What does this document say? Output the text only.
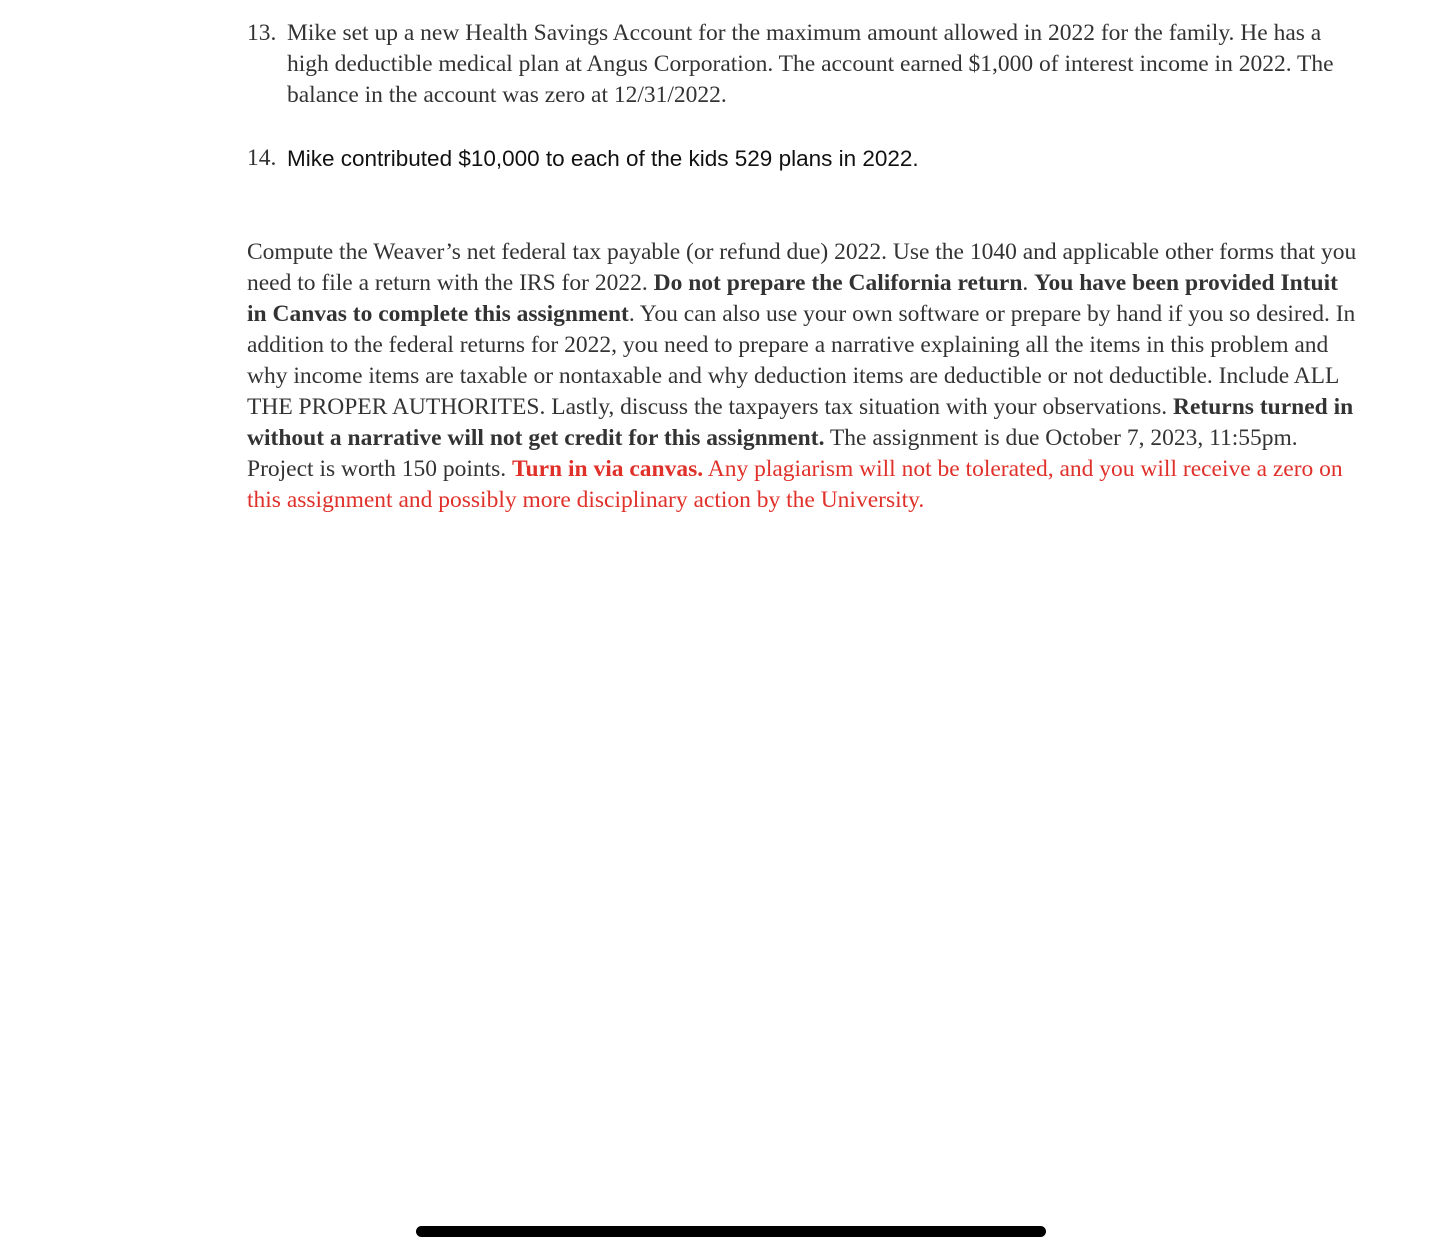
13. Mike set up a new Health Savings Account for the maximum amount allowed in 2022 for the family. He has a high deductible medical plan at Angus Corporation. The account earned $1,000 of interest income in 2022. The balance in the account was zero at 12/31/2022.

14. Mike contributed $10,000 to each of the kids 529 plans in 2022.

Compute the Weaver’s net federal tax payable (or refund due) 2022. Use the 1040 and applicable other forms that you need to file a return with the IRS for 2022. Do not prepare the California return. You have been provided Intuit in Canvas to complete this assignment. You can also use your own software or prepare by hand if you so desired. In addition to the federal returns for 2022, you need to prepare a narrative explaining all the items in this problem and why income items are taxable or nontaxable and why deduction items are deductible or not deductible. Include ALL THE PROPER AUTHORITES. Lastly, discuss the taxpayers tax situation with your observations. Returns turned in without a narrative will not get credit for this assignment. The assignment is due October 7, 2023, 11:55pm. Project is worth 150 points. Turn in via canvas. Any plagiarism will not be tolerated, and you will receive a zero on this assignment and possibly more disciplinary action by the University.
